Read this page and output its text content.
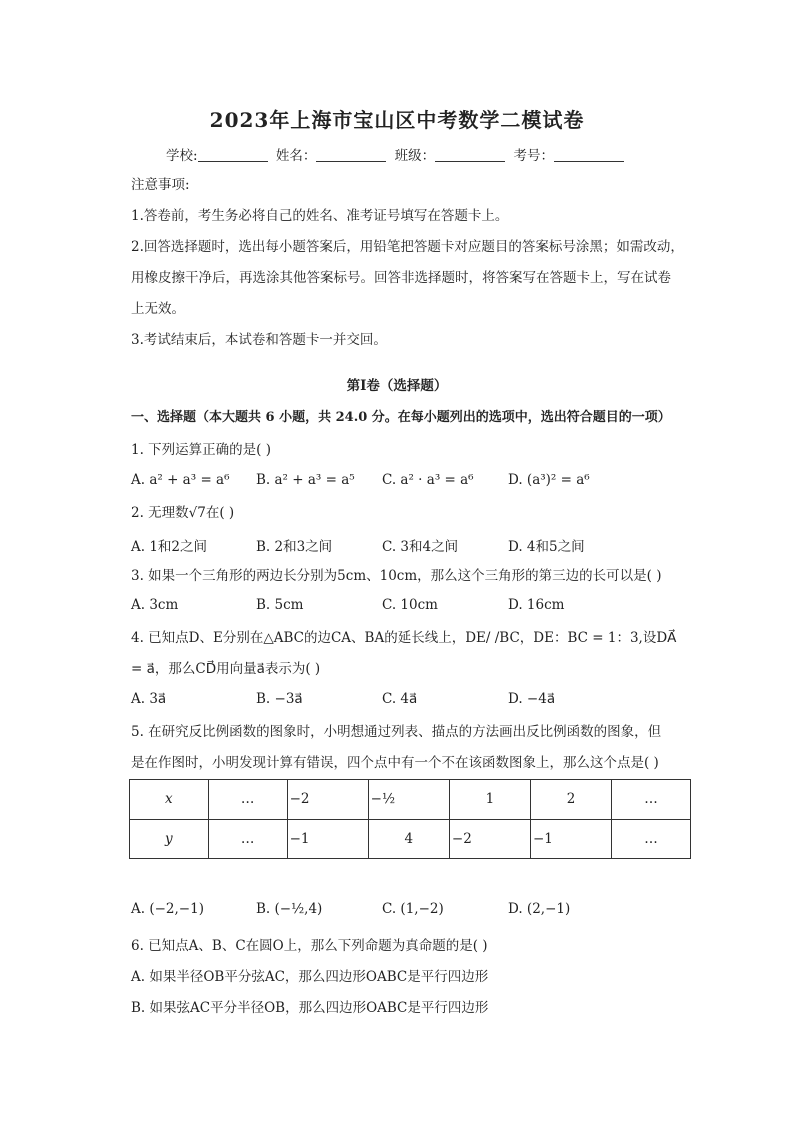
2023年上海市宝山区中考数学二模试卷
学校:	姓名：	班级：	考号：
注意事项:
1.答卷前，考生务必将自己的姓名、准考证号填写在答题卡上。
2.回答选择题时，选出每小题答案后，用铅笔把答题卡对应题目的答案标号涂黑；如需改动，
用橡皮擦干净后，再选涂其他答案标号。回答非选择题时，将答案写在答题卡上，写在试卷
上无效。
3.考试结束后，本试卷和答题卡一并交回。
第Ⅰ卷（选择题）
一、选择题（本大题共 6 小题，共 24.0 分。在每小题列出的选项中，选出符合题目的一项）
1. 下列运算正确的是( )
A. a² + a³ = a⁶ B. a² + a³ = a⁵ C. a² · a³ = a⁶	D. (a³)² = a⁶
2. 无理数√7在( )
A. 1和2之间	B. 2和3之间	C. 3和4之间	D. 4和5之间
3. 如果一个三角形的两边长分别为5cm、10cm，那么这个三角形的第三边的长可以是( )
A. 3cm	B. 5cm	C. 10cm	D. 16cm
4. 已知点D、E分别在△ABC的边CA、BA的延长线上，DE/ /BC，DE：BC = 1：3,设DA⃗
= a⃗，那么CD⃗用向量a⃗表示为( )
A. 3a⃗	B. −3a⃗	C. 4a⃗	D. −4a⃗
5. 在研究反比例函数的图象时，小明想通过列表、描点的方法画出反比例函数的图象，但
是在作图时，小明发现计算有错误，四个点中有一个不在该函数图象上，那么这个点是( )
x	…	−2	−½	1	2	…
y	…	−1	4	−2	−1	…
A. (−2,−1)	B. (−½,4)	C. (1,−2)	D. (2,−1)
6. 已知点A、B、C在圆O上，那么下列命题为真命题的是( )
A. 如果半径OB平分弦AC，那么四边形OABC是平行四边形
B. 如果弦AC平分半径OB，那么四边形OABC是平行四边形
